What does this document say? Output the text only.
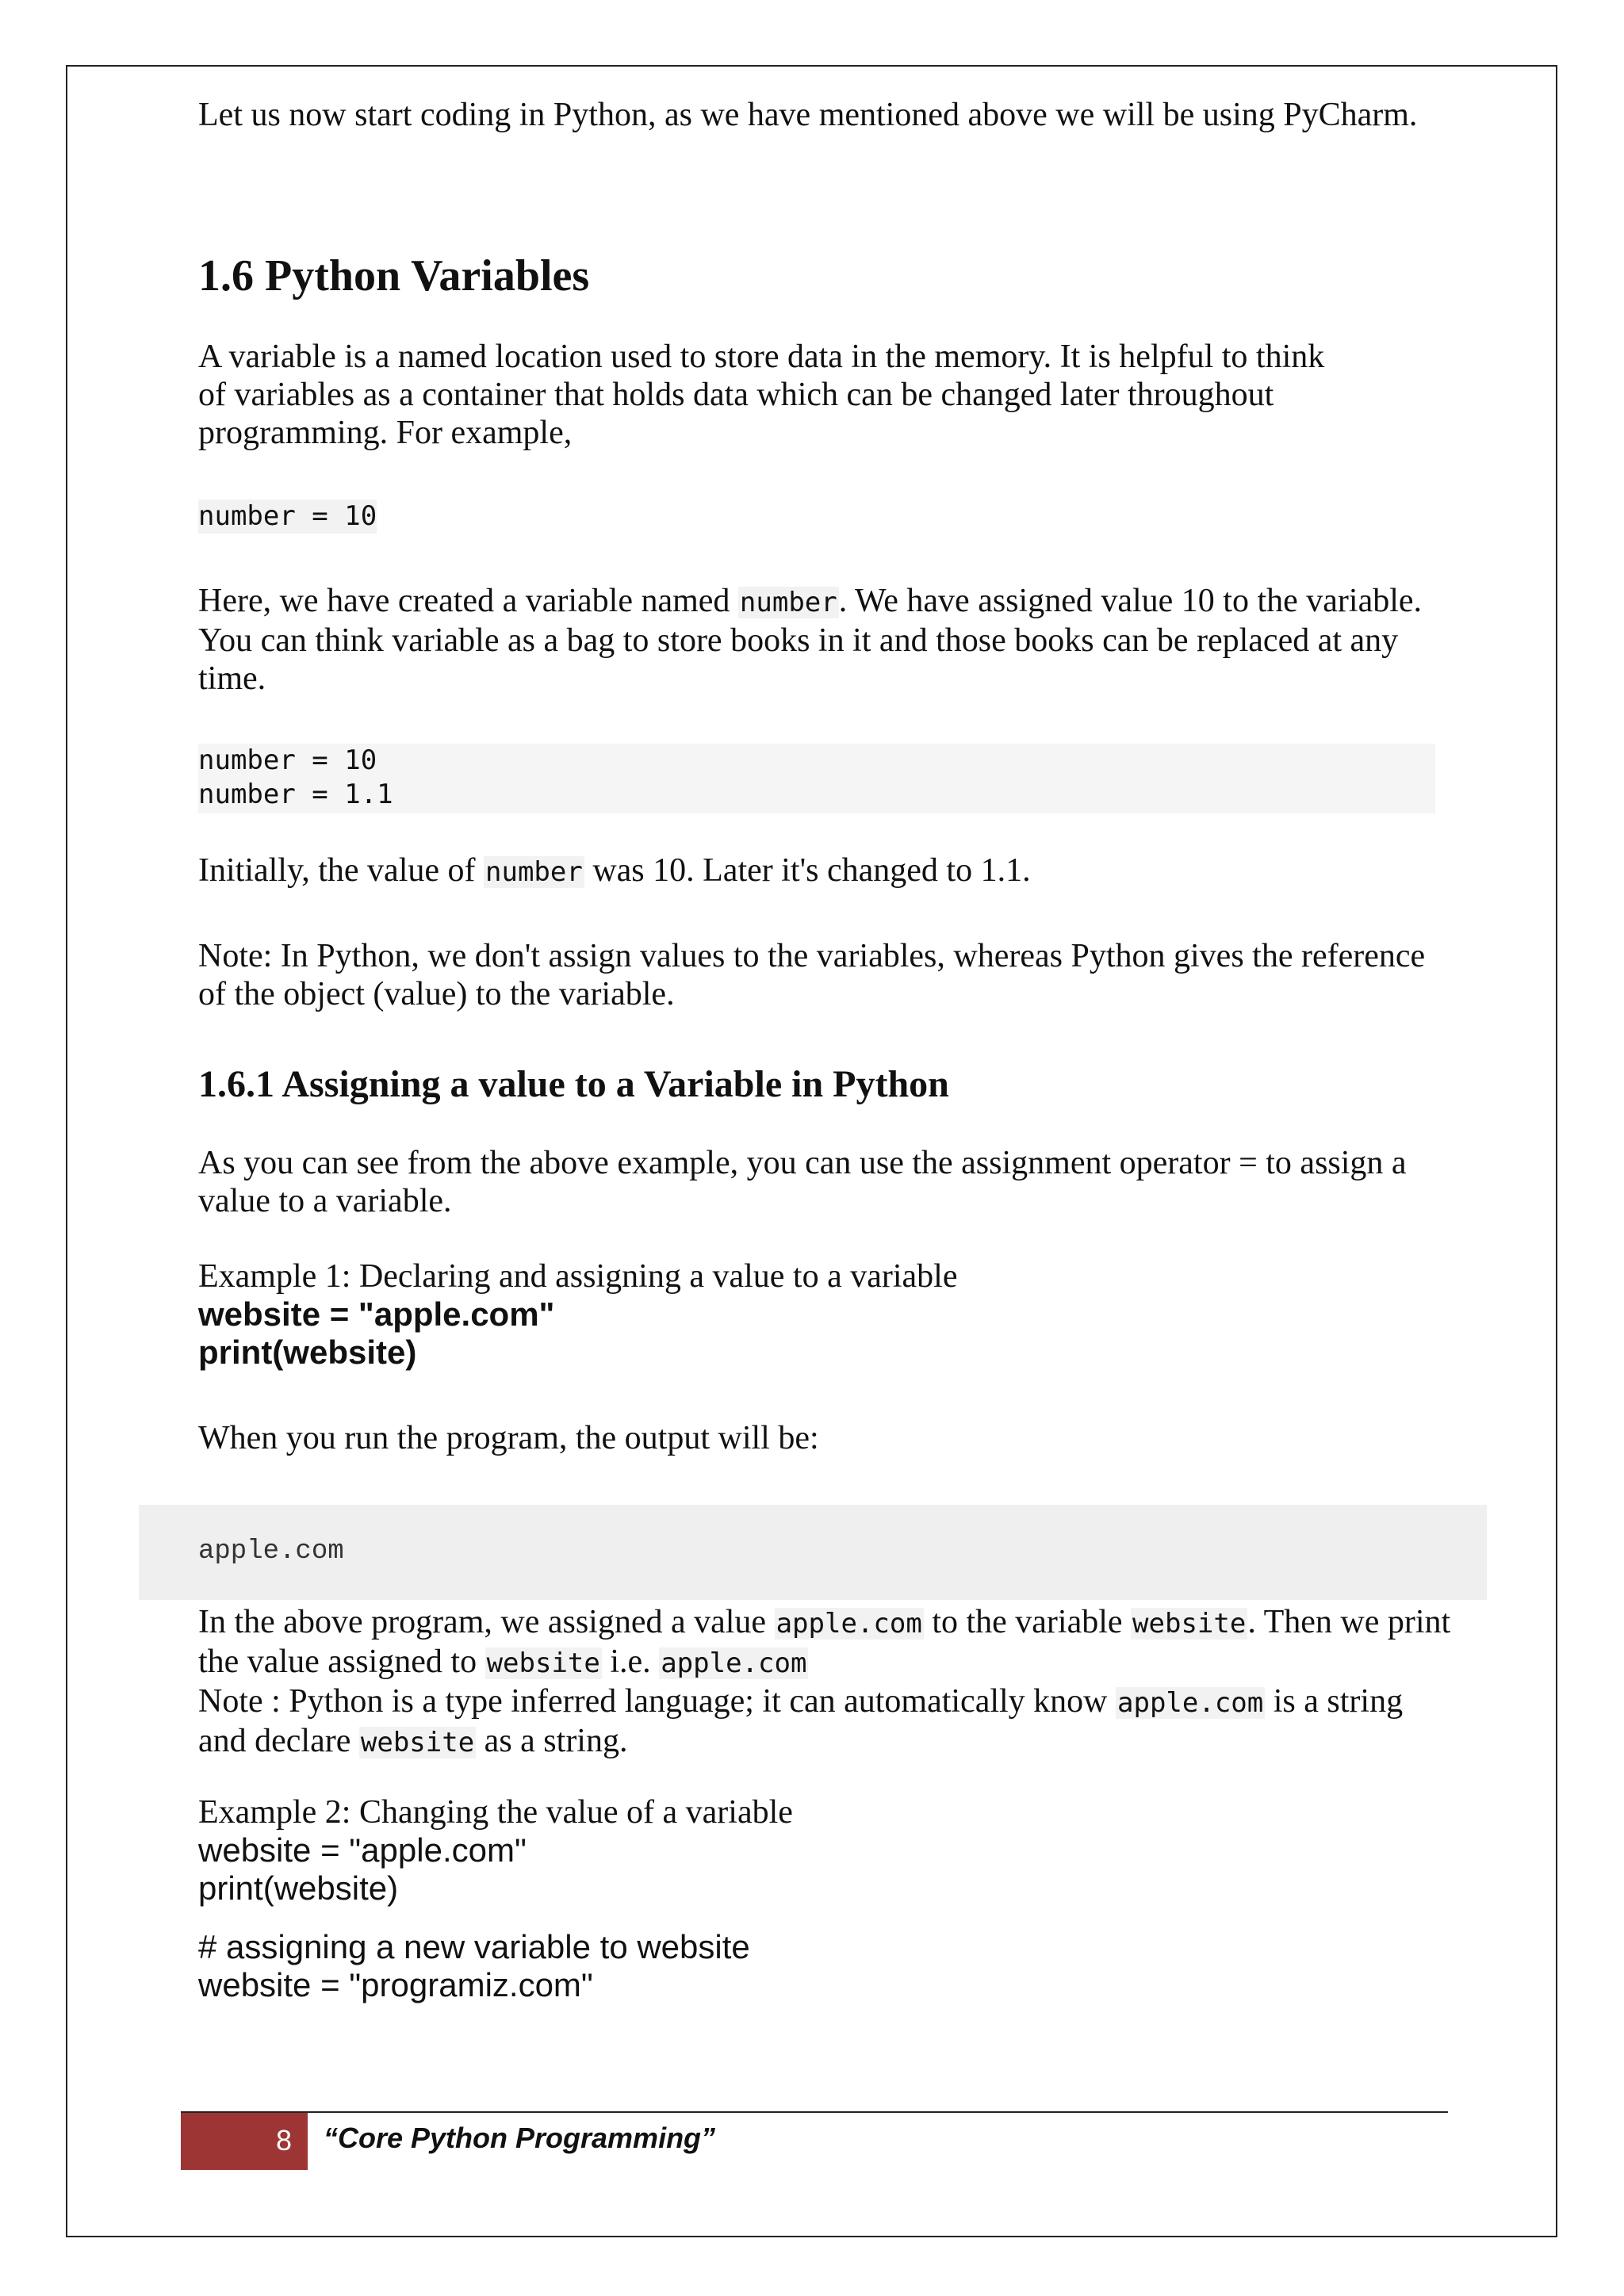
Let us now start coding in Python, as we have mentioned above we will be using PyCharm.

1.6 Python Variables

A variable is a named location used to store data in the memory. It is helpful to think

of variables as a container that holds data which can be changed later throughout

programming. For example,

number = 10

Here, we have created a variable named number. We have assigned value 10 to the variable.

You can think variable as a bag to store books in it and those books can be replaced at any

time.

number = 10
number = 1.1

Initially, the value of number was 10. Later it's changed to 1.1.

Note: In Python, we don't assign values to the variables, whereas Python gives the reference

of the object (value) to the variable.

1.6.1 Assigning a value to a Variable in Python

As you can see from the above example, you can use the assignment operator = to assign a

value to a variable.

Example 1: Declaring and assigning a value to a variable

website = "apple.com"
print(website)

When you run the program, the output will be:

apple.com

In the above program, we assigned a value apple.com to the variable website. Then we print

the value assigned to website i.e. apple.com

Note : Python is a type inferred language; it can automatically know apple.com is a string

and declare website as a string.

Example 2: Changing the value of a variable

website = "apple.com"
print(website)
# assigning a new variable to website
website = "programiz.com"
8 “Core Python Programming”
